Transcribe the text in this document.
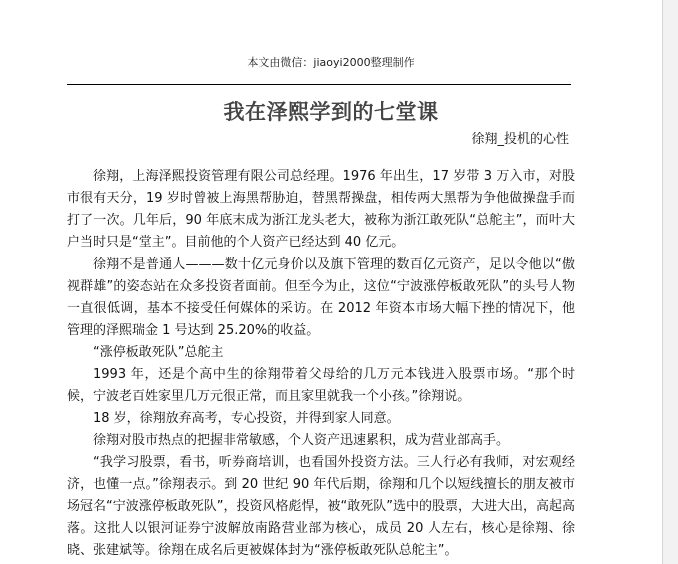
本文由微信：jiaoyi2000整理制作
我在泽熙学到的七堂课
徐翔_投机的心性

徐翔，上海泽熙投资管理有限公司总经理。1976 年出生，17 岁带 3 万入市，对股市很有天分，19 岁时曾被上海黑帮胁迫，替黑帮操盘，相传两大黑帮为争他做操盘手而打了一次。几年后，90 年底末成为浙江龙头老大，被称为浙江敢死队“总舵主”，而叶大户当时只是“堂主”。目前他的个人资产已经达到 40 亿元。

徐翔不是普通人———数十亿元身价以及旗下管理的数百亿元资产，足以令他以“傲视群雄”的姿态站在众多投资者面前。但至今为止，这位“宁波涨停板敢死队”的头号人物一直很低调，基本不接受任何媒体的采访。在 2012 年资本市场大幅下挫的情况下，他管理的泽熙瑞金 1 号达到 25.20%的收益。

“涨停板敢死队”总舵主

1993 年，还是个高中生的徐翔带着父母给的几万元本钱进入股票市场。“那个时候，宁波老百姓家里几万元很正常，而且家里就我一个小孩。”徐翔说。

18 岁，徐翔放弃高考，专心投资，并得到家人同意。

徐翔对股市热点的把握非常敏感，个人资产迅速累积，成为营业部高手。

“我学习股票，看书，听券商培训，也看国外投资方法。三人行必有我师，对宏观经济，也懂一点。”徐翔表示。到 20 世纪 90 年代后期，徐翔和几个以短线擅长的朋友被市场冠名“宁波涨停板敢死队”，投资风格彪悍，被“敢死队”选中的股票，大进大出，高起高落。这批人以银河证券宁波解放南路营业部为核心，成员 20 人左右，核心是徐翔、徐晓、张建斌等。徐翔在成名后更被媒体封为“涨停板敢死队总舵主”。
